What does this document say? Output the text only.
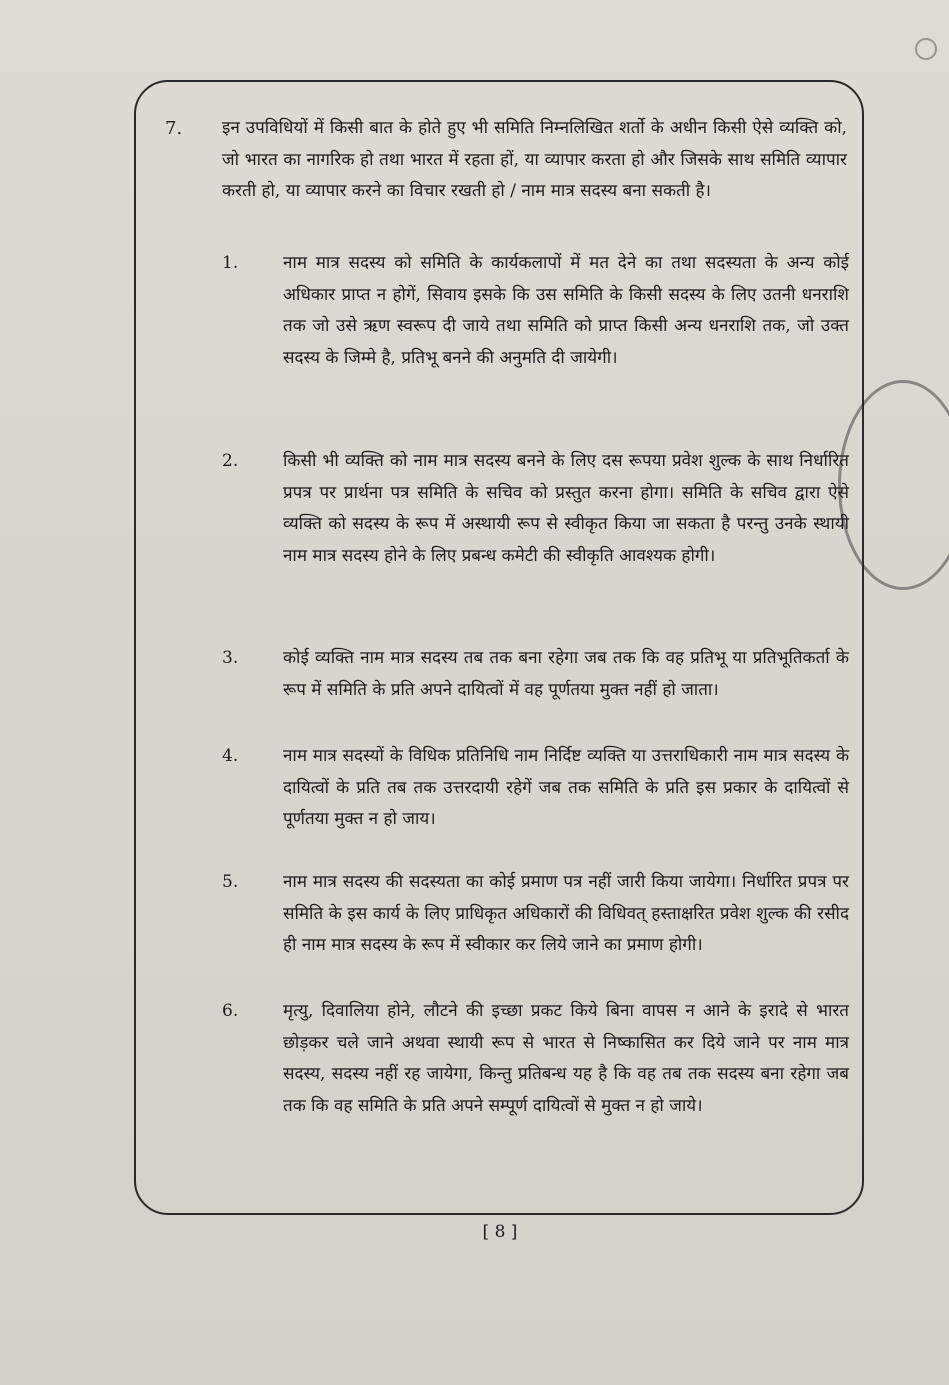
7. इन उपविधियों में किसी बात के होते हुए भी समिति निम्नलिखित शर्तो के अधीन किसी ऐसे व्यक्ति को, जो भारत का नागरिक हो तथा भारत में रहता हों, या व्यापार करता हो और जिसके साथ समिति व्यापार करती हो, या व्यापार करने का विचार रखती हो / नाम मात्र सदस्य बना सकती है।
1.	नाम मात्र सदस्य को समिति के कार्यकलापों में मत देने का तथा सदस्यता के अन्य कोई अधिकार प्राप्त न होगें, सिवाय इसके कि उस समिति के किसी सदस्य के लिए उतनी धनराशि तक जो उसे ऋण स्वरूप दी जाये तथा समिति को प्राप्त किसी अन्य धनराशि तक, जो उक्त सदस्य के जिम्मे है, प्रतिभू बनने की अनुमति दी जायेगी।
2.	किसी भी व्यक्ति को नाम मात्र सदस्य बनने के लिए दस रूपया प्रवेश शुल्क के साथ निर्धारित प्रपत्र पर प्रार्थना पत्र समिति के सचिव को प्रस्तुत करना होगा। समिति के सचिव द्वारा ऐसे व्यक्ति को सदस्य के रूप में अस्थायी रूप से स्वीकृत किया जा सकता है परन्तु उनके स्थायी नाम मात्र सदस्य होने के लिए प्रबन्ध कमेटी की स्वीकृति आवश्यक होगी।
3.	कोई व्यक्ति नाम मात्र सदस्य तब तक बना रहेगा जब तक कि वह प्रतिभू या प्रतिभूतिकर्ता के रूप में समिति के प्रति अपने दायित्वों में वह पूर्णतया मुक्त नहीं हो जाता।
4.	नाम मात्र सदस्यों के विधिक प्रतिनिधि नाम निर्दिष्ट व्यक्ति या उत्तराधिकारी नाम मात्र सदस्य के दायित्वों के प्रति तब तक उत्तरदायी रहेगें जब तक समिति के प्रति इस प्रकार के दायित्वों से पूर्णतया मुक्त न हो जाय।
5.	नाम मात्र सदस्य की सदस्यता का कोई प्रमाण पत्र नहीं जारी किया जायेगा। निर्धारित प्रपत्र पर समिति के इस कार्य के लिए प्राधिकृत अधिकारों की विधिवत् हस्ताक्षरित प्रवेश शुल्क की रसीद ही नाम मात्र सदस्य के रूप में स्वीकार कर लिये जाने का प्रमाण होगी।
6.	मृत्यु, दिवालिया होने, लौटने की इच्छा प्रकट किये बिना वापस न आने के इरादे से भारत छोड़कर चले जाने अथवा स्थायी रूप से भारत से निष्कासित कर दिये जाने पर नाम मात्र सदस्य, सदस्य नहीं रह जायेगा, किन्तु प्रतिबन्ध यह है कि वह तब तक सदस्य बना रहेगा जब तक कि वह समिति के प्रति अपने सम्पूर्ण दायित्वों से मुक्त न हो जाये।
[ 8 ]
